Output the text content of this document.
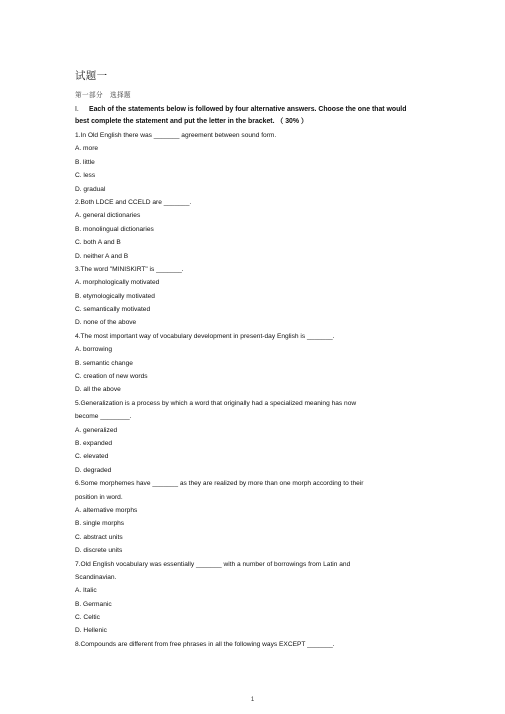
试题一
第一部分　选择题
I. Each of the statements below is followed by four alternative answers. Choose the one that would best complete the statement and put the letter in the bracket. （ 30% ）
1.In Old English there was _______ agreement between sound form.
A. more
B. little
C. less
D. gradual
2.Both LDCE and CCELD are _______.
A. general dictionaries
B. monolingual dictionaries
C. both A and B
D. neither A and B
3.The word "MINISKIRT" is _______.
A. morphologically motivated
B. etymologically motivated
C. semantically motivated
D. none of the above
4.The most important way of vocabulary development in present-day English is _______.
A. borrowing
B. semantic change
C. creation of new words
D. all the above
5.Generalization is a process by which a word that originally had a specialized meaning has now
become ________.
A. generalized
B. expanded
C. elevated
D. degraded
6.Some morphemes have _______ as they are realized by more than one morph according to their
position in word.
A. alternative morphs
B. single morphs
C. abstract units
D. discrete units
7.Old English vocabulary was essentially _______ with a number of borrowings from Latin and
Scandinavian.
A. Italic
B. Germanic
C. Celtic
D. Hellenic
8.Compounds are different from free phrases in all the following ways EXCEPT _______.
1
